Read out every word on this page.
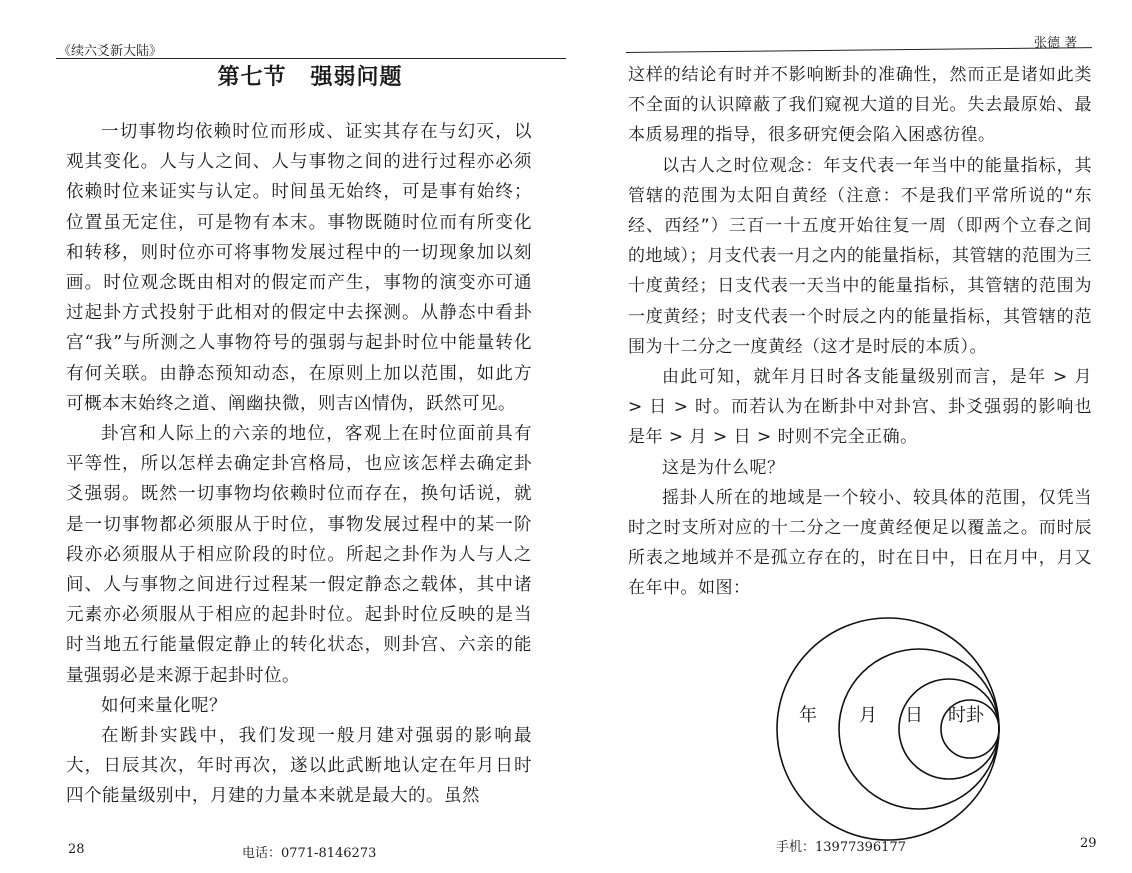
《续六爻新大陆》
第七节 强弱问题

一切事物均依赖时位而形成、证实其存在与幻灭，以观其变化。人与人之间、人与事物之间的进行过程亦必须依赖时位来证实与认定。时间虽无始终，可是事有始终；位置虽无定住，可是物有本末。事物既随时位而有所变化和转移，则时位亦可将事物发展过程中的一切现象加以刻画。时位观念既由相对的假定而产生，事物的演变亦可通过起卦方式投射于此相对的假定中去探测。从静态中看卦宫“我”与所测之人事物符号的强弱与起卦时位中能量转化有何关联。由静态预知动态，在原则上加以范围，如此方可概本末始终之道、阐幽抉微，则吉凶情伪，跃然可见。

卦宫和人际上的六亲的地位，客观上在时位面前具有平等性，所以怎样去确定卦宫格局，也应该怎样去确定卦爻强弱。既然一切事物均依赖时位而存在，换句话说，就是一切事物都必须服从于时位，事物发展过程中的某一阶段亦必须服从于相应阶段的时位。所起之卦作为人与人之间、人与事物之间进行过程某一假定静态之载体，其中诸元素亦必须服从于相应的起卦时位。起卦时位反映的是当时当地五行能量假定静止的转化状态，则卦宫、六亲的能量强弱必是来源于起卦时位。

如何来量化呢？

在断卦实践中，我们发现一般月建对强弱的影响最大，日辰其次，年时再次，遂以此武断地认定在年月日时四个能量级别中，月建的力量本来就是最大的。虽然

28	电话：0771-8146273
张德 著

这样的结论有时并不影响断卦的准确性，然而正是诸如此类不全面的认识障蔽了我们窥视大道的目光。失去最原始、最本质易理的指导，很多研究便会陷入困惑彷徨。

以古人之时位观念：年支代表一年当中的能量指标，其管辖的范围为太阳自黄经（注意：不是我们平常所说的“东经、西经”）三百一十五度开始往复一周（即两个立春之间的地域）；月支代表一月之内的能量指标，其管辖的范围为三十度黄经；日支代表一天当中的能量指标，其管辖的范围为一度黄经；时支代表一个时辰之内的能量指标，其管辖的范围为十二分之一度黄经（这才是时辰的本质）。

由此可知，就年月日时各支能量级别而言，是年 > 月 > 日 > 时。而若认为在断卦中对卦宫、卦爻强弱的影响也是年 > 月 > 日 > 时则不完全正确。

这是为什么呢？

摇卦人所在的地域是一个较小、较具体的范围，仅凭当时之时支所对应的十二分之一度黄经便足以覆盖之。而时辰所表之地域并不是孤立存在的，时在日中，日在月中，月又在年中。如图：

年 月 日 时卦
手机：13977396177	29
